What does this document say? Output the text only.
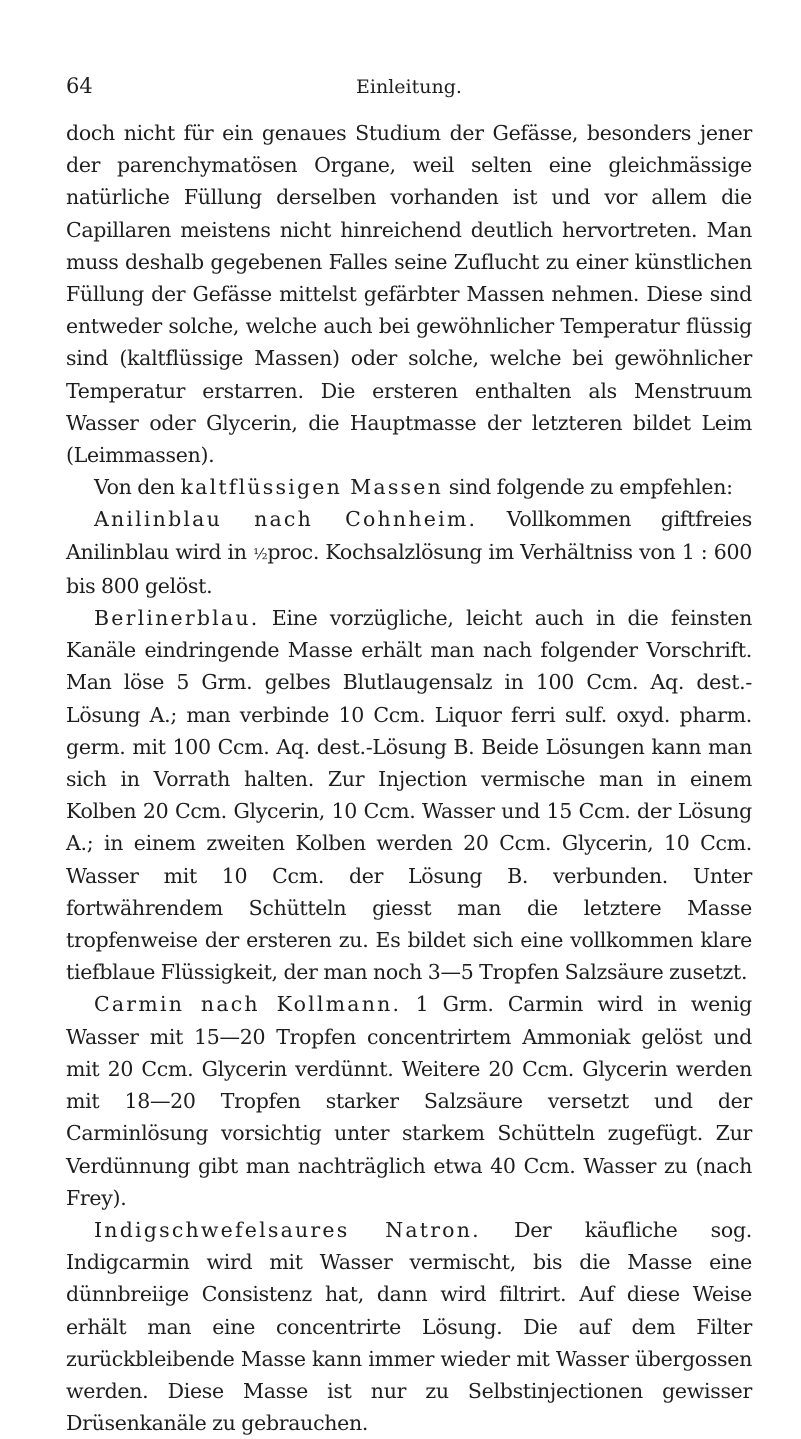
64	Einleitung.

doch nicht für ein genaues Studium der Gefässe, besonders jener der parenchymatösen Organe, weil selten eine gleichmässige natürliche Füllung derselben vorhanden ist und vor allem die Capillaren meistens nicht hinreichend deutlich hervortreten. Man muss deshalb gegebenen Falles seine Zuflucht zu einer künstlichen Füllung der Gefässe mittelst gefärbter Massen nehmen. Diese sind entweder solche, welche auch bei gewöhnlicher Temperatur flüssig sind (kaltflüssige Massen) oder solche, welche bei gewöhnlicher Temperatur erstarren. Die ersteren enthalten als Menstruum Wasser oder Glycerin, die Hauptmasse der letzteren bildet Leim (Leimmassen).

Von den kaltflüssigen Massen sind folgende zu empfehlen:

Anilinblau nach Cohnheim. Vollkommen giftfreies Anilinblau wird in ½proc. Kochsalzlösung im Verhältniss von 1 : 600 bis 800 gelöst.

Berlinerblau. Eine vorzügliche, leicht auch in die feinsten Kanäle eindringende Masse erhält man nach folgender Vorschrift. Man löse 5 Grm. gelbes Blutlaugensalz in 100 Ccm. Aq. dest.-Lösung A.; man verbinde 10 Ccm. Liquor ferri sulf. oxyd. pharm. germ. mit 100 Ccm. Aq. dest.-Lösung B. Beide Lösungen kann man sich in Vorrath halten. Zur Injection vermische man in einem Kolben 20 Ccm. Glycerin, 10 Ccm. Wasser und 15 Ccm. der Lösung A.; in einem zweiten Kolben werden 20 Ccm. Glycerin, 10 Ccm. Wasser mit 10 Ccm. der Lösung B. verbunden. Unter fortwährendem Schütteln giesst man die letztere Masse tropfenweise der ersteren zu. Es bildet sich eine vollkommen klare tiefblaue Flüssigkeit, der man noch 3—5 Tropfen Salzsäure zusetzt.

Carmin nach Kollmann. 1 Grm. Carmin wird in wenig Wasser mit 15—20 Tropfen concentrirtem Ammoniak gelöst und mit 20 Ccm. Glycerin verdünnt. Weitere 20 Ccm. Glycerin werden mit 18—20 Tropfen starker Salzsäure versetzt und der Carminlösung vorsichtig unter starkem Schütteln zugefügt. Zur Verdünnung gibt man nachträglich etwa 40 Ccm. Wasser zu (nach Frey).

Indigschwefelsaures Natron. Der käufliche sog. Indigcarmin wird mit Wasser vermischt, bis die Masse eine dünnbreiige Consistenz hat, dann wird filtrirt. Auf diese Weise erhält man eine concentrirte Lösung. Die auf dem Filter zurückbleibende Masse kann immer wieder mit Wasser übergossen werden. Diese Masse ist nur zu Selbstinjectionen gewisser Drüsenkanäle zu gebrauchen.
